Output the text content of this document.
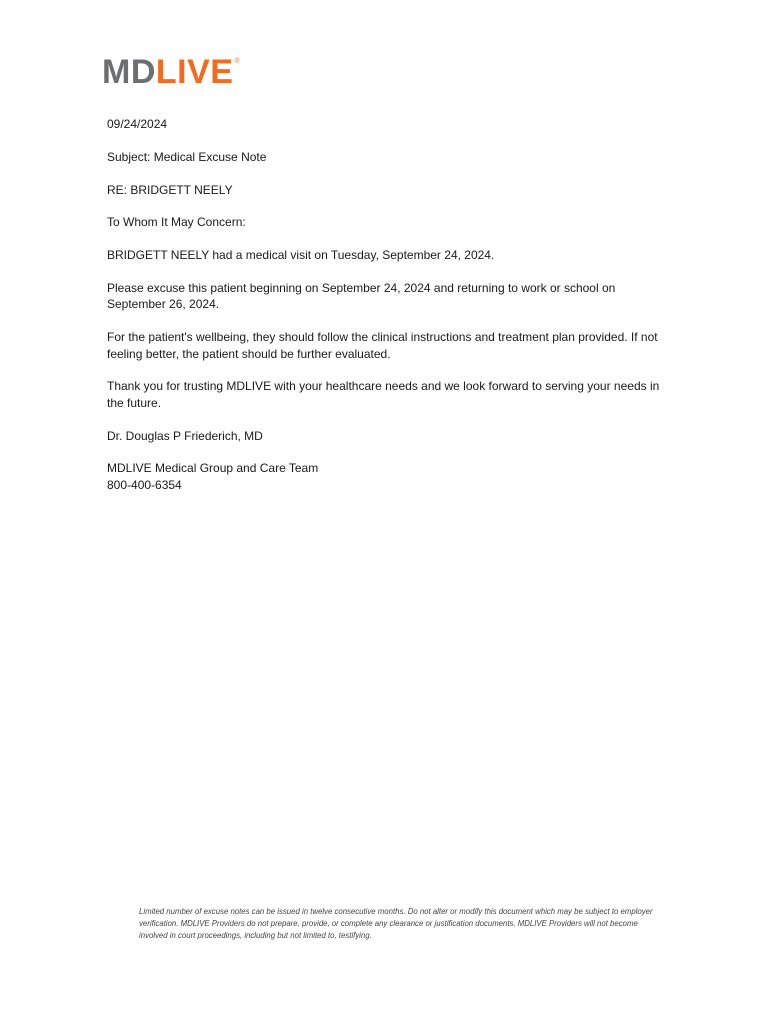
MD LIVE ®

09/24/2024

Subject: Medical Excuse Note

RE: BRIDGETT NEELY

To Whom It May Concern:

BRIDGETT NEELY had a medical visit on Tuesday, September 24, 2024.

Please excuse this patient beginning on September 24, 2024 and returning to work or school on September 26, 2024.

For the patient's wellbeing, they should follow the clinical instructions and treatment plan provided. If not feeling better, the patient should be further evaluated.

Thank you for trusting MDLIVE with your healthcare needs and we look forward to serving your needs in the future.

Dr. Douglas P Friederich, MD

MDLIVE Medical Group and Care Team

800-400-6354

Limited number of excuse notes can be issued in twelve consecutive months. Do not alter or modify this document which may be subject to employer verification. MDLIVE Providers do not prepare, provide, or complete any clearance or justification documents. MDLIVE Providers will not become involved in court proceedings, including but not limited to, testifying.
